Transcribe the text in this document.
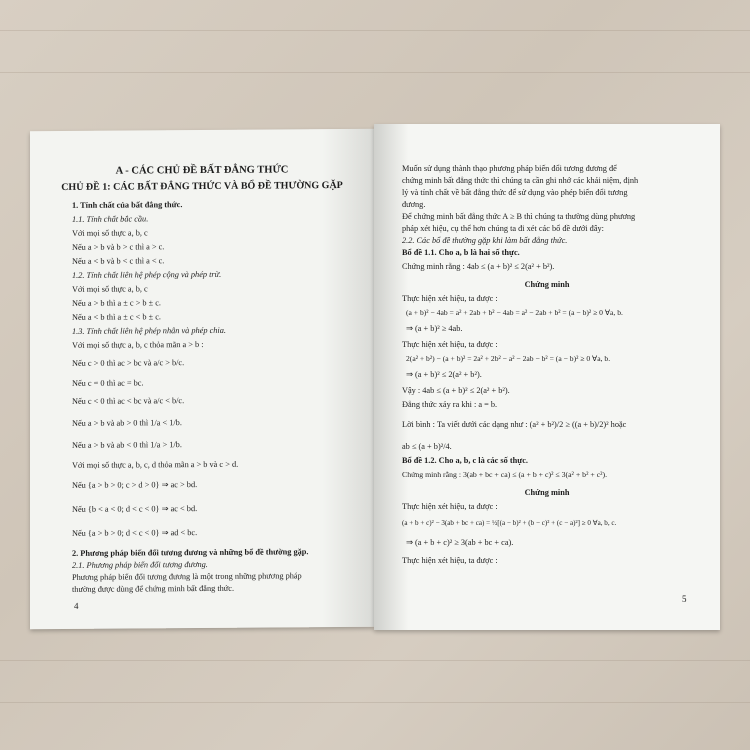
A - CÁC CHỦ ĐỀ BẤT ĐẲNG THỨC
CHỦ ĐỀ 1: CÁC BẤT ĐẲNG THỨC VÀ BỔ ĐỀ THƯỜNG GẶP
1. Tính chất của bất đẳng thức.
1.1. Tính chất bắc cầu.
Với mọi số thực a, b, c
Nếu a > b và b > c thì a > c.
Nếu a < b và b < c thì a < c.
1.2. Tính chất liên hệ phép cộng và phép trừ.
Với mọi số thực a, b, c
Nếu a > b thì a ± c > b ± c.
Nếu a < b thì a ± c < b ± c.
1.3. Tính chất liên hệ phép nhân và phép chia.
Với mọi số thực a, b, c thỏa mãn a > b :
Nếu c > 0 thì ac > bc và a/c > b/c.
Nếu c = 0 thì ac = bc.
Nếu c < 0 thì ac < bc và a/c < b/c.
Nếu a > b và ab > 0 thì 1/a < 1/b.
Nếu a > b và ab < 0 thì 1/a > 1/b.
Với mọi số thực a, b, c, d thỏa mãn a > b và c > d.
Nếu {a > b > 0; c > d > 0} ⇒ ac > bd.
Nếu {b < a < 0; d < c < 0} ⇒ ac < bd.
Nếu {a > b > 0; d < c < 0} ⇒ ad < bc.
2. Phương pháp biến đổi tương đương và những bổ đề thường gặp.
2.1. Phương pháp biến đổi tương đương.
Phương pháp biến đổi tương đương là một trong những phương pháp
thường được dùng để chứng minh bất đẳng thức.
4
Muốn sử dụng thành thạo phương pháp biến đổi tương đương để
chứng minh bất đẳng thức thì chúng ta cần ghi nhớ các khái niệm, định
lý và tính chất về bất đẳng thức để sử dụng vào phép biến đổi tương
đương.
Để chứng minh bất đẳng thức A ≥ B thì chúng ta thường dùng phương
pháp xét hiệu, cụ thể hơn chúng ta đi xét các bổ đề dưới đây:
2.2. Các bổ đề thường gặp khi làm bất đẳng thức.
Bổ đề 1.1. Cho a, b là hai số thực.
Chứng minh rằng : 4ab ≤ (a + b)² ≤ 2(a² + b²).
Chứng minh
Thực hiện xét hiệu, ta được :
(a + b)² − 4ab = a² + 2ab + b² − 4ab = a² − 2ab + b² = (a − b)² ≥ 0 ∀a, b.
⇒ (a + b)² ≥ 4ab.
Thực hiện xét hiệu, ta được :
2(a² + b²) − (a + b)² = 2a² + 2b² − a² − 2ab − b² = (a − b)² ≥ 0 ∀a, b.
⇒ (a + b)² ≤ 2(a² + b²).
Vậy : 4ab ≤ (a + b)² ≤ 2(a² + b²).
Đẳng thức xảy ra khi : a = b.
Lời bình : Ta viết dưới các dạng như : (a² + b²)/2 ≥ ((a + b)/2)² hoặc
ab ≤ (a + b)²/4.
Bổ đề 1.2. Cho a, b, c là các số thực.
Chứng minh rằng : 3(ab + bc + ca) ≤ (a + b + c)² ≤ 3(a² + b² + c²).
Chứng minh
Thực hiện xét hiệu, ta được :
(a + b + c)² − 3(ab + bc + ca) = ½[(a − b)² + (b − c)² + (c − a)²] ≥ 0 ∀a, b, c.
⇒ (a + b + c)² ≥ 3(ab + bc + ca).
Thực hiện xét hiệu, ta được :
5
